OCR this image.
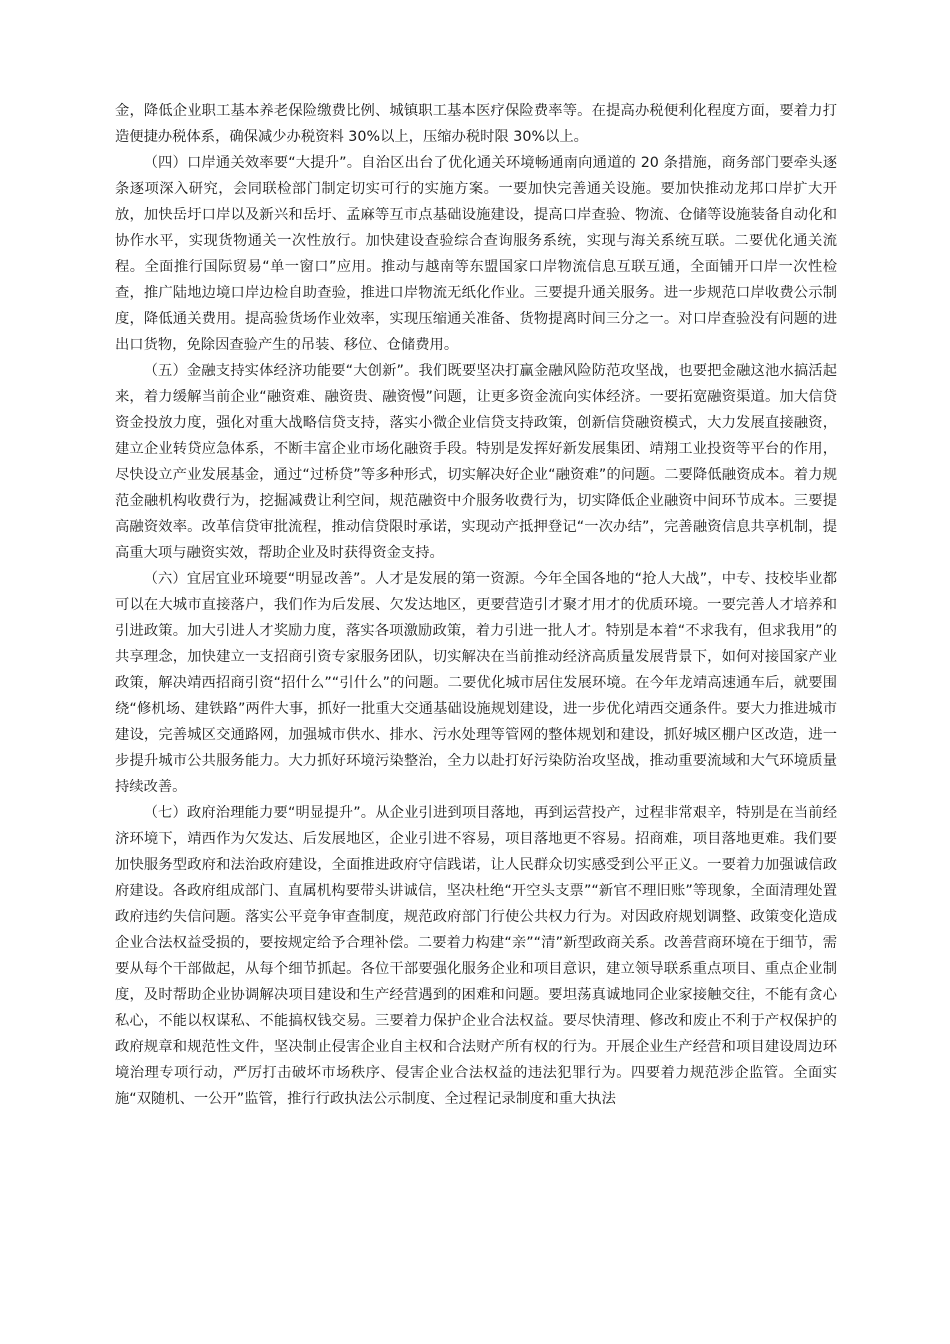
金，降低企业职工基本养老保险缴费比例、城镇职工基本医疗保险费率等。在提高办税便利化程度方面，要着力打造便捷办税体系，确保减少办税资料 30%以上，压缩办税时限 30%以上。

（四）口岸通关效率要“大提升”。自治区出台了优化通关环境畅通南向通道的 20 条措施，商务部门要牵头逐条逐项深入研究，会同联检部门制定切实可行的实施方案。一要加快完善通关设施。要加快推动龙邦口岸扩大开放，加快岳圩口岸以及新兴和岳圩、孟麻等互市点基础设施建设，提高口岸查验、物流、仓储等设施装备自动化和协作水平，实现货物通关一次性放行。加快建设查验综合查询服务系统，实现与海关系统互联。二要优化通关流程。全面推行国际贸易“单一窗口”应用。推动与越南等东盟国家口岸物流信息互联互通，全面铺开口岸一次性检查，推广陆地边境口岸边检自助查验，推进口岸物流无纸化作业。三要提升通关服务。进一步规范口岸收费公示制度，降低通关费用。提高验货场作业效率，实现压缩通关准备、货物提离时间三分之一。对口岸查验没有问题的进出口货物，免除因查验产生的吊装、移位、仓储费用。

（五）金融支持实体经济功能要“大创新”。我们既要坚决打赢金融风险防范攻坚战，也要把金融这池水搞活起来，着力缓解当前企业“融资难、融资贵、融资慢”问题，让更多资金流向实体经济。一要拓宽融资渠道。加大信贷资金投放力度，强化对重大战略信贷支持，落实小微企业信贷支持政策，创新信贷融资模式，大力发展直接融资，建立企业转贷应急体系，不断丰富企业市场化融资手段。特别是发挥好新发展集团、靖翔工业投资等平台的作用，尽快设立产业发展基金，通过“过桥贷”等多种形式，切实解决好企业“融资难”的问题。二要降低融资成本。着力规范金融机构收费行为，挖掘减费让利空间，规范融资中介服务收费行为，切实降低企业融资中间环节成本。三要提高融资效率。改革信贷审批流程，推动信贷限时承诺，实现动产抵押登记“一次办结”，完善融资信息共享机制，提高重大项与融资实效，帮助企业及时获得资金支持。

（六）宜居宜业环境要“明显改善”。人才是发展的第一资源。今年全国各地的“抢人大战”，中专、技校毕业都可以在大城市直接落户，我们作为后发展、欠发达地区，更要营造引才聚才用才的优质环境。一要完善人才培养和引进政策。加大引进人才奖励力度，落实各项激励政策，着力引进一批人才。特别是本着“不求我有，但求我用”的共享理念，加快建立一支招商引资专家服务团队，切实解决在当前推动经济高质量发展背景下，如何对接国家产业政策，解决靖西招商引资“招什么”“引什么”的问题。二要优化城市居住发展环境。在今年龙靖高速通车后，就要围绕“修机场、建铁路”两件大事，抓好一批重大交通基础设施规划建设，进一步优化靖西交通条件。要大力推进城市建设，完善城区交通路网，加强城市供水、排水、污水处理等管网的整体规划和建设，抓好城区棚户区改造，进一步提升城市公共服务能力。大力抓好环境污染整治，全力以赴打好污染防治攻坚战，推动重要流域和大气环境质量持续改善。

（七）政府治理能力要“明显提升”。从企业引进到项目落地，再到运营投产，过程非常艰辛，特别是在当前经济环境下，靖西作为欠发达、后发展地区，企业引进不容易，项目落地更不容易。招商难，项目落地更难。我们要加快服务型政府和法治政府建设，全面推进政府守信践诺，让人民群众切实感受到公平正义。一要着力加强诚信政府建设。各政府组成部门、直属机构要带头讲诚信，坚决杜绝“开空头支票”“新官不理旧账”等现象，全面清理处置政府违约失信问题。落实公平竞争审查制度，规范政府部门行使公共权力行为。对因政府规划调整、政策变化造成企业合法权益受损的，要按规定给予合理补偿。二要着力构建“亲”“清”新型政商关系。改善营商环境在于细节，需要从每个干部做起，从每个细节抓起。各位干部要强化服务企业和项目意识，建立领导联系重点项目、重点企业制度，及时帮助企业协调解决项目建设和生产经营遇到的困难和问题。要坦荡真诚地同企业家接触交往，不能有贪心私心，不能以权谋私、不能搞权钱交易。三要着力保护企业合法权益。要尽快清理、修改和废止不利于产权保护的政府规章和规范性文件，坚决制止侵害企业自主权和合法财产所有权的行为。开展企业生产经营和项目建设周边环境治理专项行动，严厉打击破坏市场秩序、侵害企业合法权益的违法犯罪行为。四要着力规范涉企监管。全面实施“双随机、一公开”监管，推行行政执法公示制度、全过程记录制度和重大执法
